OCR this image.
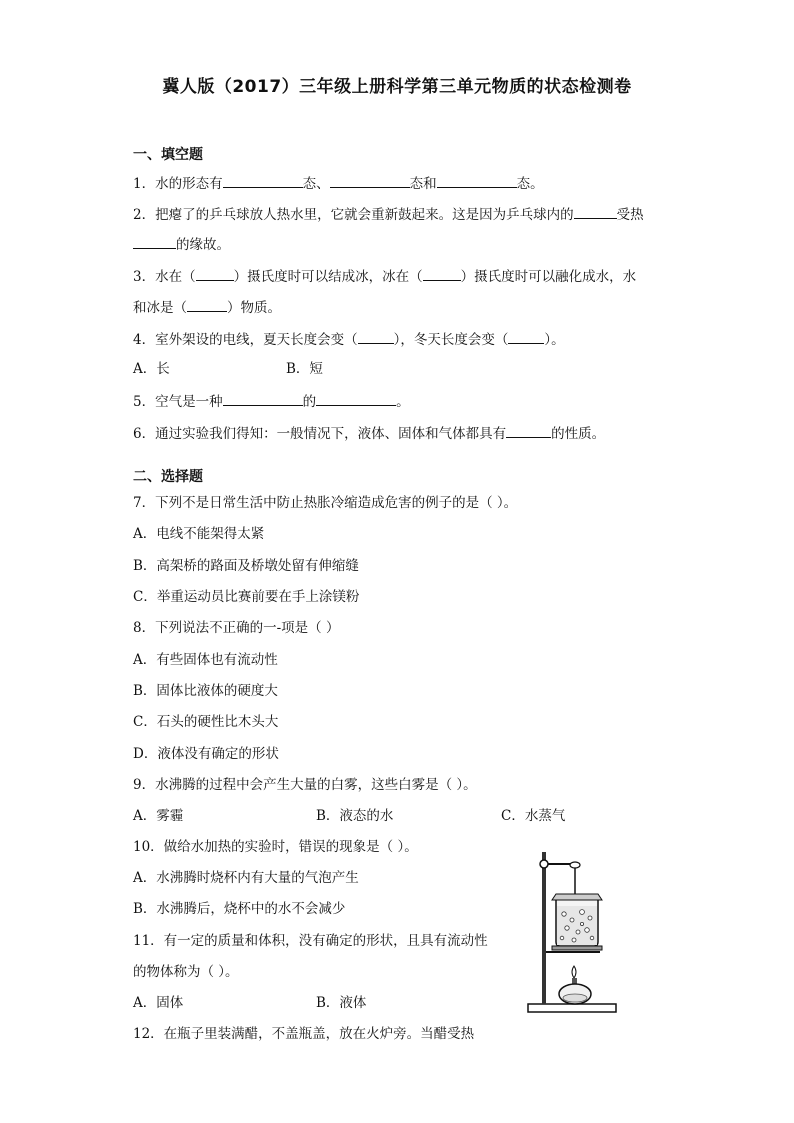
冀人版（2017）三年级上册科学第三单元物质的状态检测卷
一、填空题
1．水的形态有	态、	态和	态。
2．把瘪了的乒乓球放人热水里，它就会重新鼓起来。这是因为乒乓球内的	受热
的缘故。
3．水在（	）摄氏度时可以结成冰，冰在（	）摄氏度时可以融化成水，水
和冰是（	）物质。
4．室外架设的电线，夏天长度会变（	），冬天长度会变（	）。
A．长	B．短
5．空气是一种	的	。
6．通过实验我们得知：一般情况下，液体、固体和气体都具有	的性质。
二、选择题
7．下列不是日常生活中防止热胀冷缩造成危害的例子的是（ ）。
A．电线不能架得太紧
B．高架桥的路面及桥墩处留有伸缩缝
C．举重运动员比赛前要在手上涂镁粉
8．下列说法不正确的一-项是（ ）
A．有些固体也有流动性
B．固体比液体的硬度大
C．石头的硬性比木头大
D．液体没有确定的形状
9．水沸腾的过程中会产生大量的白雾，这些白雾是（ ）。
A．雾霾	B．液态的水	C．水蒸气
10．做给水加热的实验时，错误的现象是（ ）。
A．水沸腾时烧杯内有大量的气泡产生
B．水沸腾后，烧杯中的水不会减少
11．有一定的质量和体积，没有确定的形状，且具有流动性
的物体称为（ ）。
A．固体	B．液体
12．在瓶子里装满醋，不盖瓶盖，放在火炉旁。当醋受热
